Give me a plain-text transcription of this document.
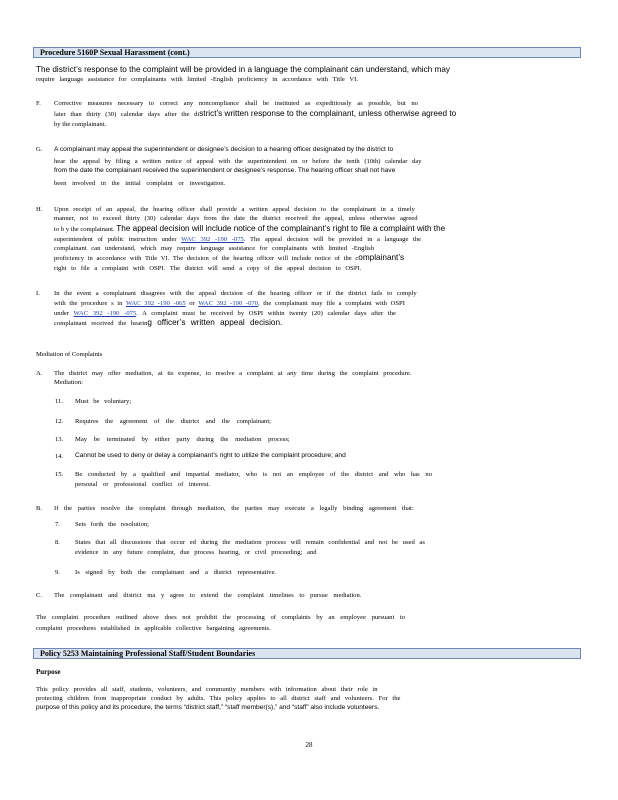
Procedure 5160P Sexual Harassment (cont.)
The district’s response to the complaint will be provided in a language the complainant can understand, which may
require language assistance for complainants with limited -English proficiency in accordance with Title VI.
F. Corrective measures necessary to correct any noncompliance shall be instituted as expeditiously as possible, but no
later than thirty (30) calendar days after the district’s written response to the complainant, unless otherwise agreed to
by the complainant.
G. A complainant may appeal the superintendent or designee’s decision to a hearing officer designated by the district to
hear the appeal by filing a written notice of appeal with the superintendent on or before the tenth (10th) calendar day
from the date the complainant received the superintendent or designee’s response. The hearing officer shall not have
been involved in the initial complaint or investigation.
H. Upon receipt of an appeal, the hearing officer shall provide a written appeal decision to the complainant in a timely
manner, not to exceed thirty (30) calendar days from the date the district received the appeal, unless otherwise agreed
to b y the complainant. The appeal decision will include notice of the complainant’s right to file a complaint with the
superintendent of public instruction under WAC 392 -190 -075. The appeal decision will be provided in a language the
complainant can understand, which may require language assistance for complainants with limited -English
proficiency in accordance with Title VI. The decision of the hearing officer will include notice of the complainant’s
right to file a complaint with OSPI. The district will send a copy of the appeal decision to OSPI.
I. In the event a complainant disagrees with the appeal decision of the hearing officer or if the district fails to comply
with the procedure s in WAC 392 -190 -065 or WAC 392 -190 -070, the complainant may file a complaint with OSPI
under WAC 392 -190 -075. A complaint must be received by OSPI within twenty (20) calendar days after the
complainant received the hearing officer’s written appeal decision.
Mediation of Complaints
A. The district may offer mediation, at its expense, to resolve a complaint at any time during the complaint procedure.
Mediation:
11. Must be voluntary;
12. Requires the agreement of the district and the complainant;
13. May be terminated by either party during the mediation process;
14. Cannot be used to deny or delay a complainant’s right to utilize the complaint procedure; and
15. Be conducted by a qualified and impartial mediator, who is not an employee of the district and who has no
personal or professional conflict of interest.
B. If the parties resolve the complaint through mediation, the parties may execute a legally binding agreement that:
7. Sets forth the resolution;
8. States that all discussions that occur ed during the mediation process will remain confidential and not be used as
evidence in any future complaint, due process hearing, or civil proceeding; and
9. Is signed by both the complainant and a district representative.
C. The complainant and district ma y agree to extend the complaint timelines to pursue mediation.
The complaint procedure outlined above does not prohibit the processing of complaints by an employee pursuant to
complaint procedures established in applicable collective bargaining agreements.
Policy 5253 Maintaining Professional Staff/Student Boundaries
Purpose
This policy provides all staff, students, volunteers, and community members with information about their role in
protecting children from inappropriate conduct by adults. This policy applies to all district staff and volunteers. For the
purpose of this policy and its procedure, the terms “district staff,” “staff member(s),” and “staff” also include volunteers.
28
